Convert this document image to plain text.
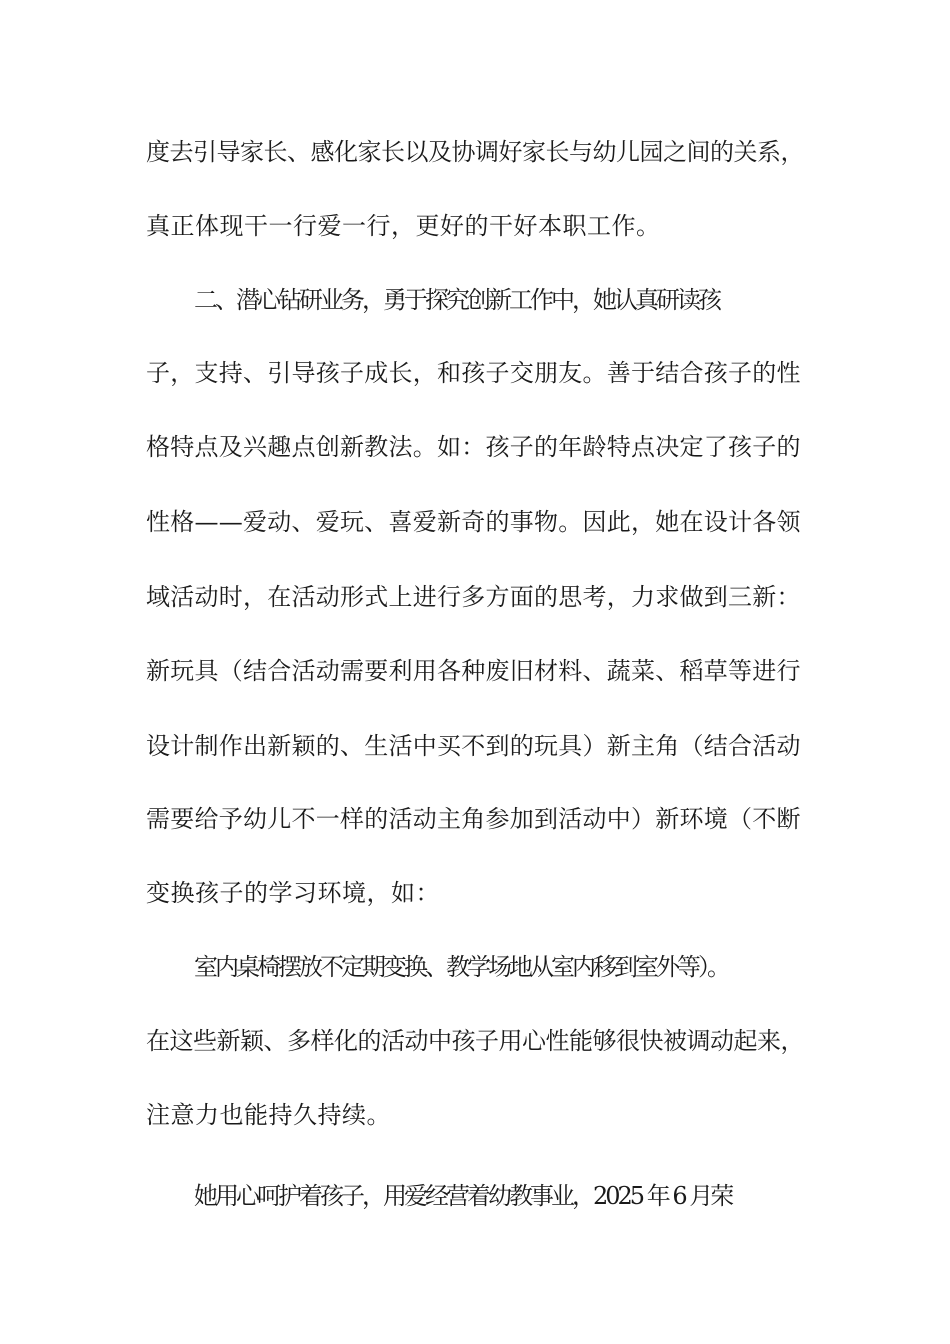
度去引导家长、感化家长以及协调好家长与幼儿园之间的关系，
真正体现干一行爱一行，更好的干好本职工作。
二、潜心钻研业务，勇于探究创新工作中，她认真研读孩
子，支持、引导孩子成长，和孩子交朋友。善于结合孩子的性
格特点及兴趣点创新教法。如：孩子的年龄特点决定了孩子的
性格——爱动、爱玩、喜爱新奇的事物。因此，她在设计各领
域活动时，在活动形式上进行多方面的思考，力求做到三新：
新玩具（结合活动需要利用各种废旧材料、蔬菜、稻草等进行
设计制作出新颖的、生活中买不到的玩具）新主角（结合活动
需要给予幼儿不一样的活动主角参加到活动中）新环境（不断
变换孩子的学习环境，如：
室内桌椅摆放不定期变换、教学场地从室内移到室外等）。
在这些新颖、多样化的活动中孩子用心性能够很快被调动起来，
注意力也能持久持续。
她用心呵护着孩子，用爱经营着幼教事业，2025 年 6 月荣
